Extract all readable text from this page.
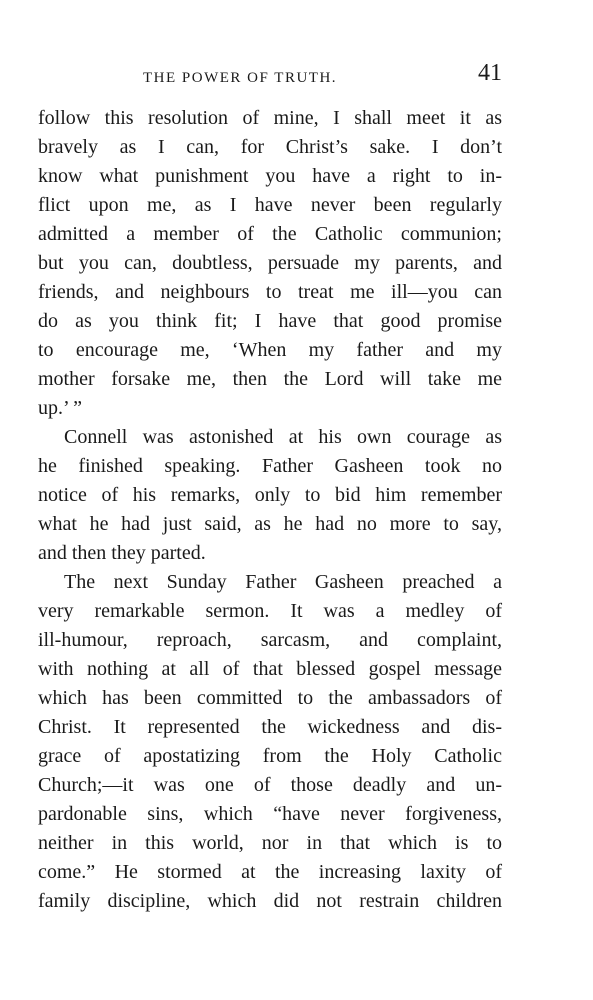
THE POWER OF TRUTH.	41
follow this resolution of mine, I shall meet it as
bravely as I can, for Christ’s sake. I don’t
know what punishment you have a right to in-
flict upon me, as I have never been regularly
admitted a member of the Catholic communion;
but you can, doubtless, persuade my parents, and
friends, and neighbours to treat me ill—you can
do as you think fit; I have that good promise
to encourage me, ‘When my father and my
mother forsake me, then the Lord will take me
up.’ ”
Connell was astonished at his own courage as
he finished speaking. Father Gasheen took no
notice of his remarks, only to bid him remember
what he had just said, as he had no more to say,
and then they parted.
The next Sunday Father Gasheen preached a
very remarkable sermon. It was a medley of
ill-humour, reproach, sarcasm, and complaint,
with nothing at all of that blessed gospel message
which has been committed to the ambassadors of
Christ. It represented the wickedness and dis-
grace of apostatizing from the Holy Catholic
Church;—it was one of those deadly and un-
pardonable sins, which “have never forgiveness,
neither in this world, nor in that which is to
come.” He stormed at the increasing laxity of
family discipline, which did not restrain children
